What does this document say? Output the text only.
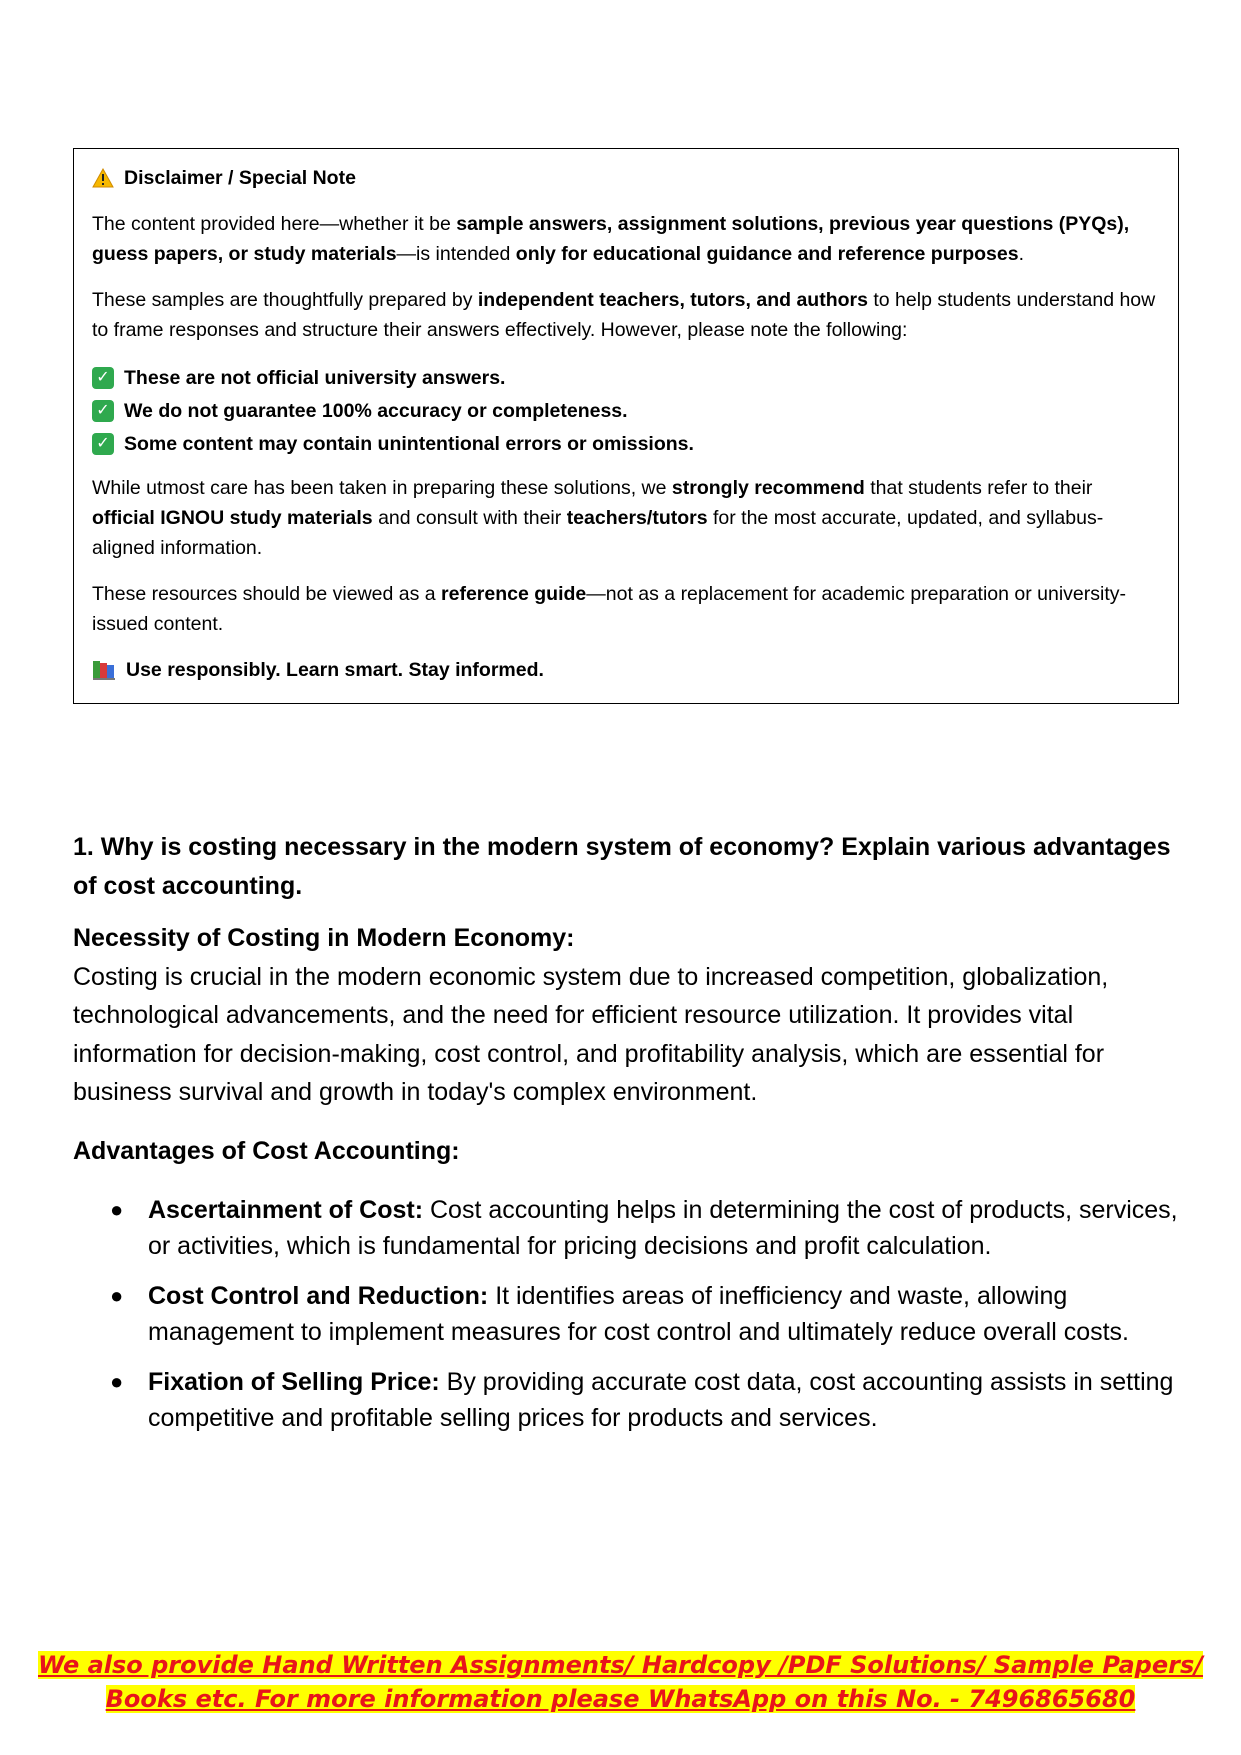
Disclaimer / Special Note

The content provided here—whether it be sample answers, assignment solutions, previous year questions (PYQs), guess papers, or study materials—is intended only for educational guidance and reference purposes.

These samples are thoughtfully prepared by independent teachers, tutors, and authors to help students understand how to frame responses and structure their answers effectively. However, please note the following:

✓ These are not official university answers.
✓ We do not guarantee 100% accuracy or completeness.
✓ Some content may contain unintentional errors or omissions.

While utmost care has been taken in preparing these solutions, we strongly recommend that students refer to their official IGNOU study materials and consult with their teachers/tutors for the most accurate, updated, and syllabus-aligned information.

These resources should be viewed as a reference guide—not as a replacement for academic preparation or university-issued content.

Use responsibly. Learn smart. Stay informed.
1. Why is costing necessary in the modern system of economy? Explain various advantages of cost accounting.
Necessity of Costing in Modern Economy:

Costing is crucial in the modern economic system due to increased competition, globalization, technological advancements, and the need for efficient resource utilization. It provides vital information for decision-making, cost control, and profitability analysis, which are essential for business survival and growth in today's complex environment.

Advantages of Cost Accounting:
● Ascertainment of Cost: Cost accounting helps in determining the cost of products, services, or activities, which is fundamental for pricing decisions and profit calculation.
● Cost Control and Reduction: It identifies areas of inefficiency and waste, allowing management to implement measures for cost control and ultimately reduce overall costs.
● Fixation of Selling Price: By providing accurate cost data, cost accounting assists in setting competitive and profitable selling prices for products and services.
We also provide Hand Written Assignments/ Hardcopy /PDF Solutions/ Sample Papers/
Books etc. For more information please WhatsApp on this No. - 7496865680
